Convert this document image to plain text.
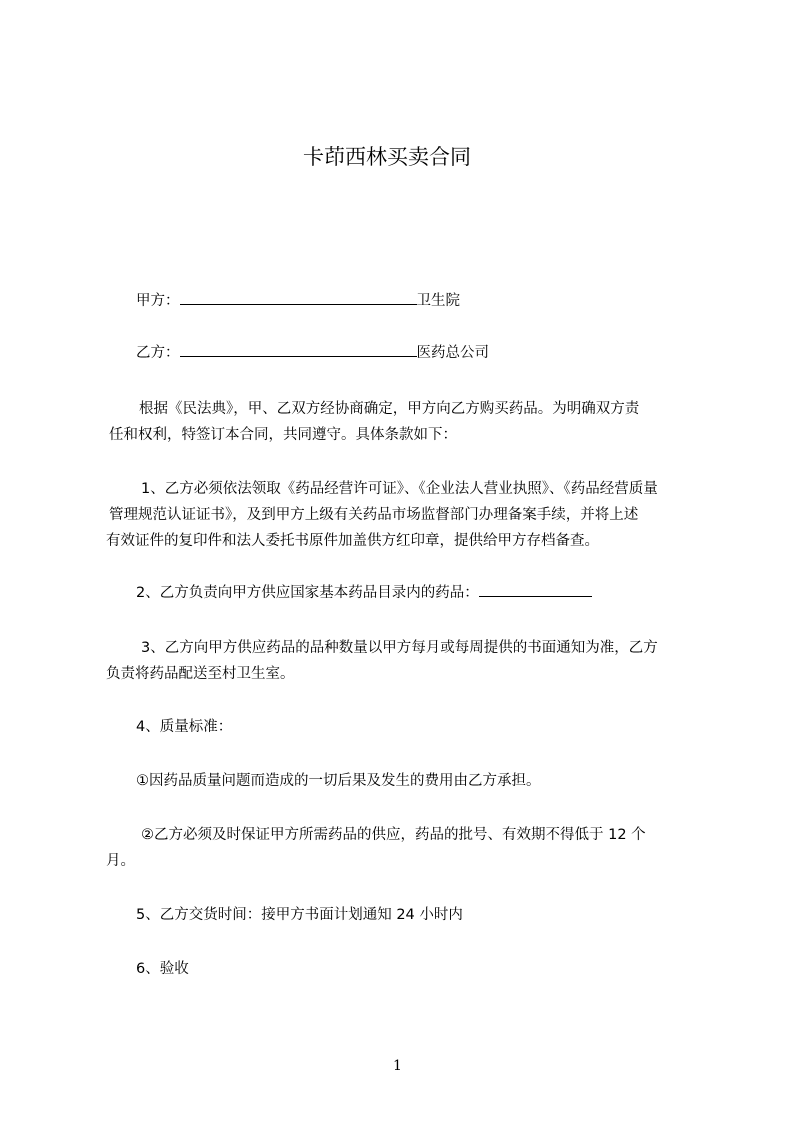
卡茚西林买卖合同
甲方：	卫生院
乙方：	医药总公司
根据《民法典》，甲、乙双方经协商确定，甲方向乙方购买药品。为明确双方责
任和权利，特签订本合同，共同遵守。具体条款如下：
1、乙方必须依法领取《药品经营许可证》、《企业法人营业执照》、《药品经营质量
管理规范认证证书》，及到甲方上级有关药品市场监督部门办理备案手续，并将上述
有效证件的复印件和法人委托书原件加盖供方红印章，提供给甲方存档备查。
2、乙方负责向甲方供应国家基本药品目录内的药品：
3、乙方向甲方供应药品的品种数量以甲方每月或每周提供的书面通知为准，乙方
负责将药品配送至村卫生室。
4、质量标准：
①因药品质量问题而造成的一切后果及发生的费用由乙方承担。
②乙方必须及时保证甲方所需药品的供应，药品的批号、有效期不得低于 12 个
月。
5、乙方交货时间：接甲方书面计划通知 24 小时内
6、验收
1
